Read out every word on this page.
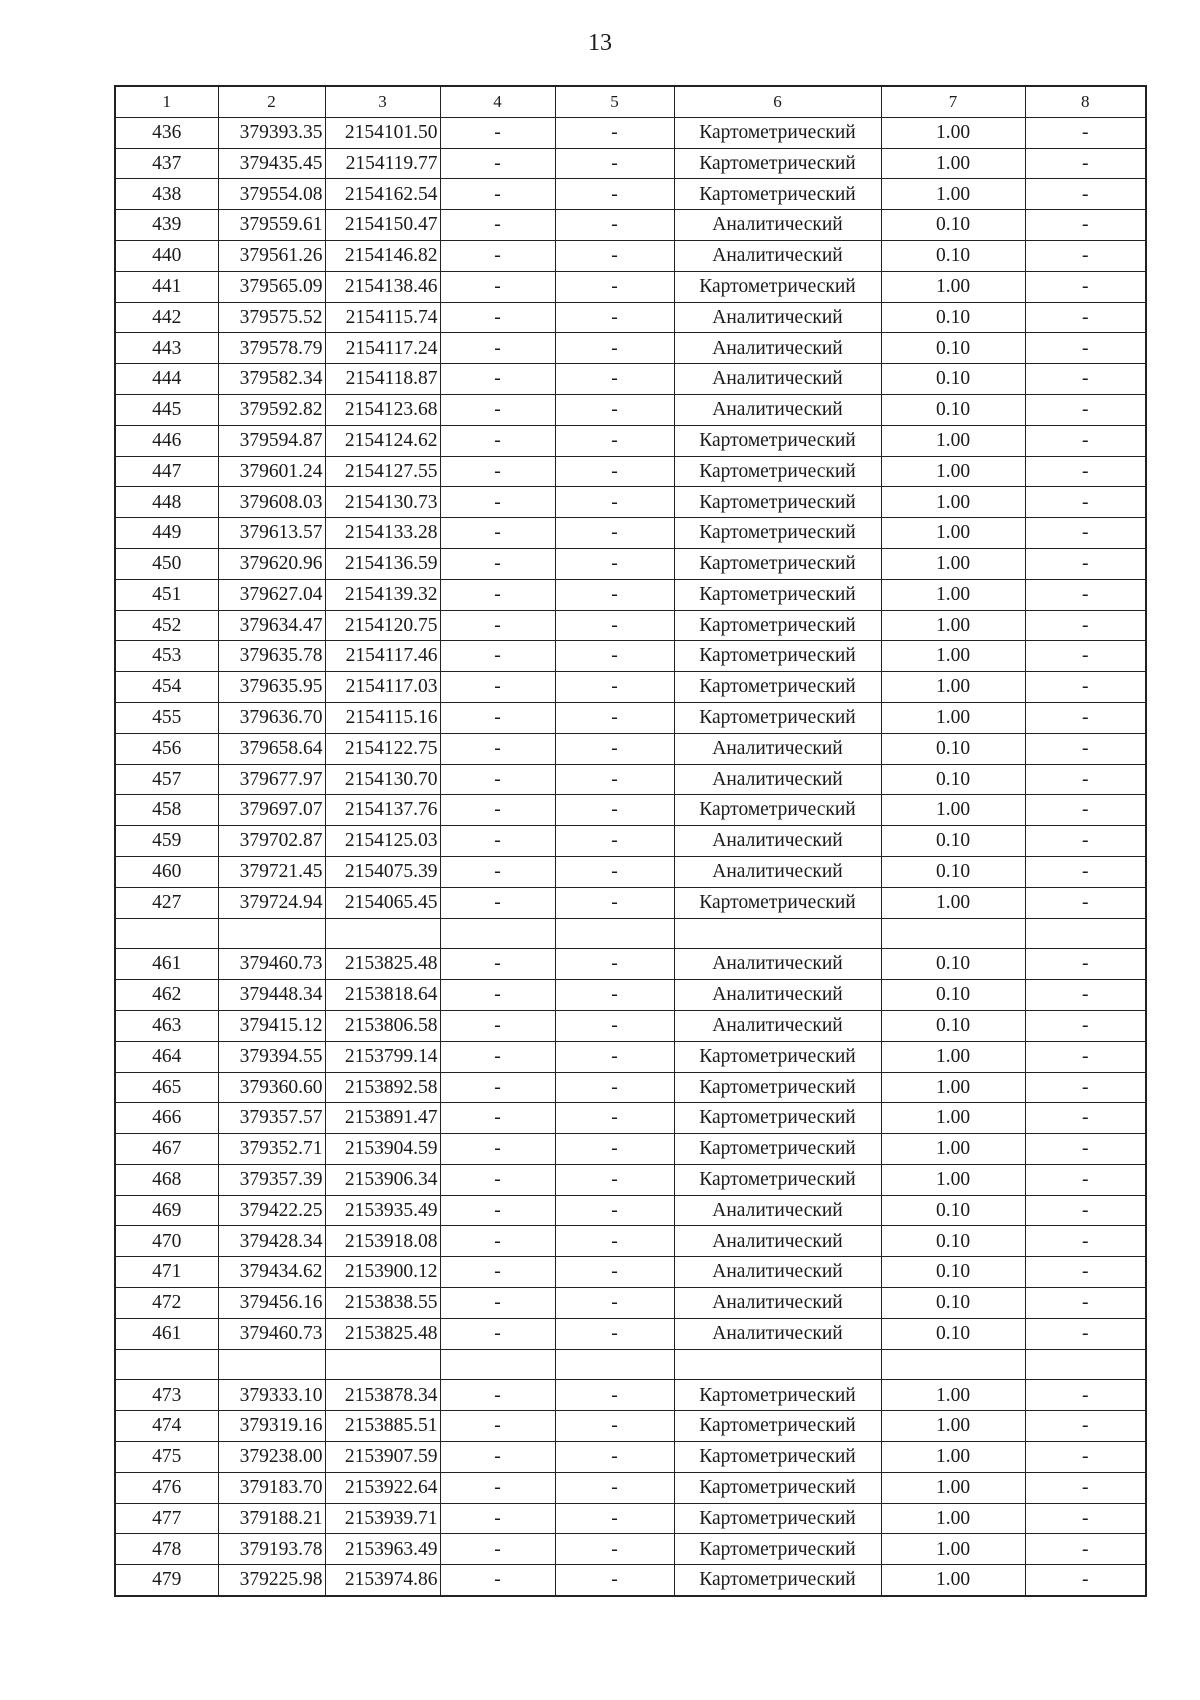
13
1	2	3	4	5	6	7	8
436	379393.35	2154101.50	-	-	Картометрический	1.00	-
437	379435.45	2154119.77	-	-	Картометрический	1.00	-
438	379554.08	2154162.54	-	-	Картометрический	1.00	-
439	379559.61	2154150.47	-	-	Аналитический	0.10	-
440	379561.26	2154146.82	-	-	Аналитический	0.10	-
441	379565.09	2154138.46	-	-	Картометрический	1.00	-
442	379575.52	2154115.74	-	-	Аналитический	0.10	-
443	379578.79	2154117.24	-	-	Аналитический	0.10	-
444	379582.34	2154118.87	-	-	Аналитический	0.10	-
445	379592.82	2154123.68	-	-	Аналитический	0.10	-
446	379594.87	2154124.62	-	-	Картометрический	1.00	-
447	379601.24	2154127.55	-	-	Картометрический	1.00	-
448	379608.03	2154130.73	-	-	Картометрический	1.00	-
449	379613.57	2154133.28	-	-	Картометрический	1.00	-
450	379620.96	2154136.59	-	-	Картометрический	1.00	-
451	379627.04	2154139.32	-	-	Картометрический	1.00	-
452	379634.47	2154120.75	-	-	Картометрический	1.00	-
453	379635.78	2154117.46	-	-	Картометрический	1.00	-
454	379635.95	2154117.03	-	-	Картометрический	1.00	-
455	379636.70	2154115.16	-	-	Картометрический	1.00	-
456	379658.64	2154122.75	-	-	Аналитический	0.10	-
457	379677.97	2154130.70	-	-	Аналитический	0.10	-
458	379697.07	2154137.76	-	-	Картометрический	1.00	-
459	379702.87	2154125.03	-	-	Аналитический	0.10	-
460	379721.45	2154075.39	-	-	Аналитический	0.10	-
427	379724.94	2154065.45	-	-	Картометрический	1.00	-

461	379460.73	2153825.48	-	-	Аналитический	0.10	-
462	379448.34	2153818.64	-	-	Аналитический	0.10	-
463	379415.12	2153806.58	-	-	Аналитический	0.10	-
464	379394.55	2153799.14	-	-	Картометрический	1.00	-
465	379360.60	2153892.58	-	-	Картометрический	1.00	-
466	379357.57	2153891.47	-	-	Картометрический	1.00	-
467	379352.71	2153904.59	-	-	Картометрический	1.00	-
468	379357.39	2153906.34	-	-	Картометрический	1.00	-
469	379422.25	2153935.49	-	-	Аналитический	0.10	-
470	379428.34	2153918.08	-	-	Аналитический	0.10	-
471	379434.62	2153900.12	-	-	Аналитический	0.10	-
472	379456.16	2153838.55	-	-	Аналитический	0.10	-
461	379460.73	2153825.48	-	-	Аналитический	0.10	-

473	379333.10	2153878.34	-	-	Картометрический	1.00	-
474	379319.16	2153885.51	-	-	Картометрический	1.00	-
475	379238.00	2153907.59	-	-	Картометрический	1.00	-
476	379183.70	2153922.64	-	-	Картометрический	1.00	-
477	379188.21	2153939.71	-	-	Картометрический	1.00	-
478	379193.78	2153963.49	-	-	Картометрический	1.00	-
479	379225.98	2153974.86	-	-	Картометрический	1.00	-
